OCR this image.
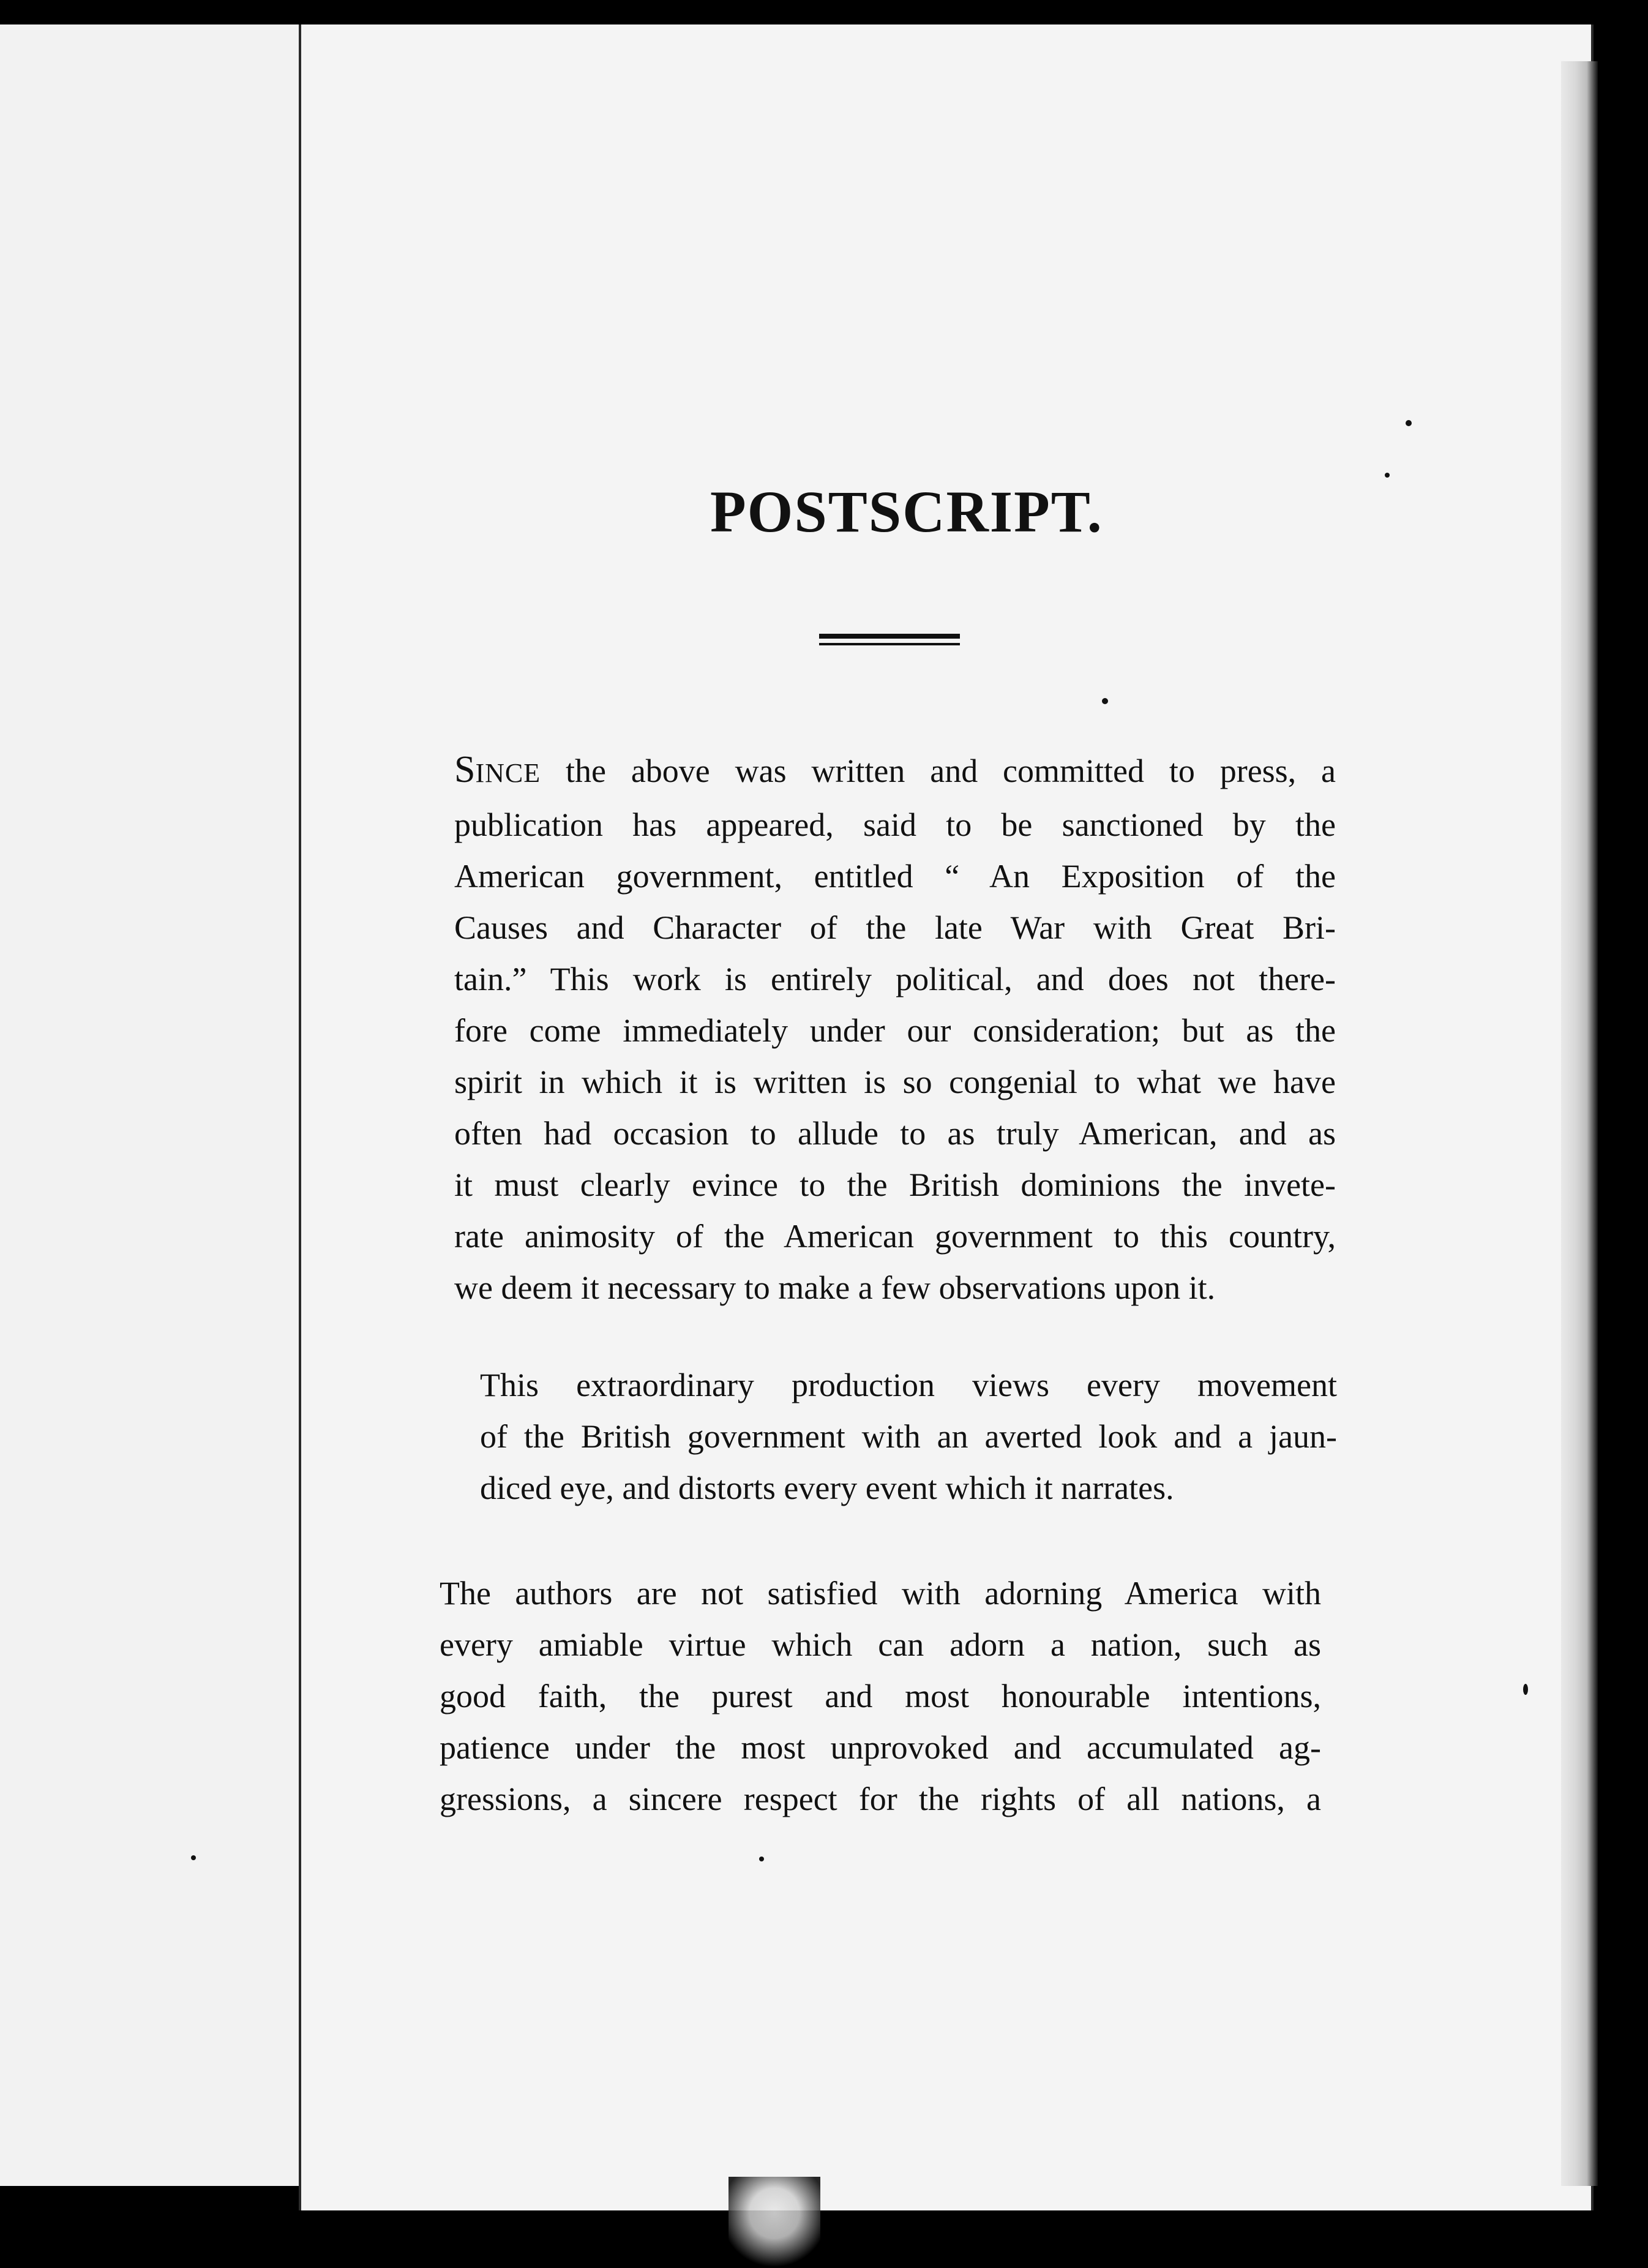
POSTSCRIPT.
SINCE the above was written and committed to press, a
publication has appeared, said to be sanctioned by the
American government, entitled “ An Exposition of the
Causes and Character of the late War with Great Bri-
tain.” This work is entirely political, and does not there-
fore come immediately under our consideration; but as the
spirit in which it is written is so congenial to what we have
often had occasion to allude to as truly American, and as
it must clearly evince to the British dominions the invete-
rate animosity of the American government to this country,
we deem it necessary to make a few observations upon it.
This extraordinary production views every movement
of the British government with an averted look and a jaun-
diced eye, and distorts every event which it narrates.
The authors are not satisfied with adorning America with
every amiable virtue which can adorn a nation, such as
good faith, the purest and most honourable intentions,
patience under the most unprovoked and accumulated ag-
gressions, a sincere respect for the rights of all nations, a
